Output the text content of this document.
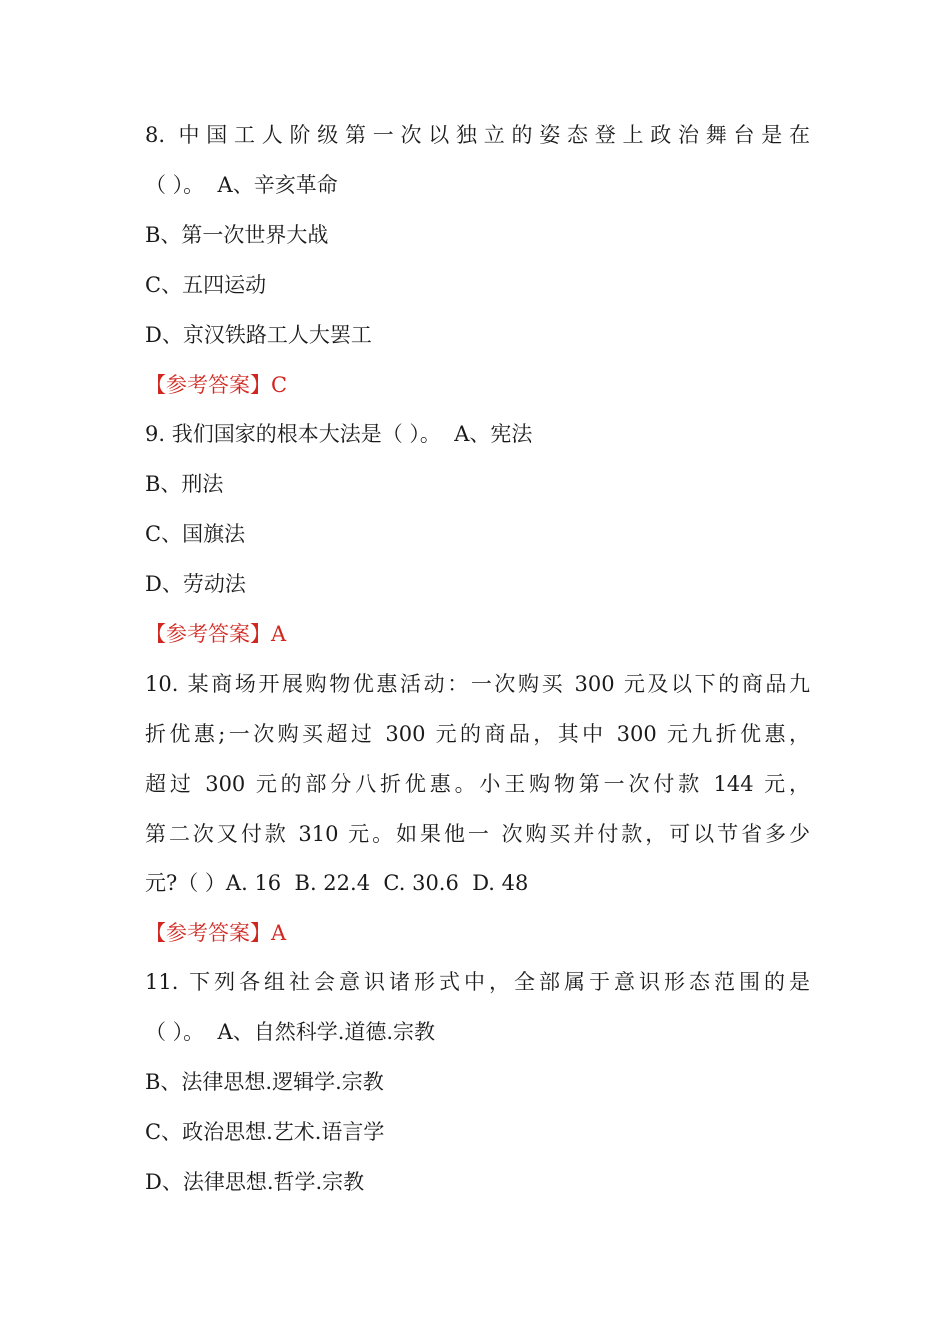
8. 中国工人阶级第一次以独立的姿态登上政治舞台是在
（ ）。  A、辛亥革命
B、第一次世界大战
C、五四运动
D、京汉铁路工人大罢工
【参考答案】C
9. 我们国家的根本大法是（ ）。  A、宪法
B、刑法
C、国旗法
D、劳动法
【参考答案】A
10. 某商场开展购物优惠活动：一次购买 300 元及以下的商品九
折优惠;一次购买超过 300 元的商品，其中 300 元九折优惠，
超过 300 元的部分八折优惠。小王购物第一次付款 144 元，
第二次又付款 310 元。如果他一 次购买并付款，可以节省多少
元?（ ）A. 16  B. 22.4  C. 30.6  D. 48
【参考答案】A
11. 下列各组社会意识诸形式中，全部属于意识形态范围的是
（ ）。  A、自然科学.道德.宗教
B、法律思想.逻辑学.宗教
C、政治思想.艺术.语言学
D、法律思想.哲学.宗教
